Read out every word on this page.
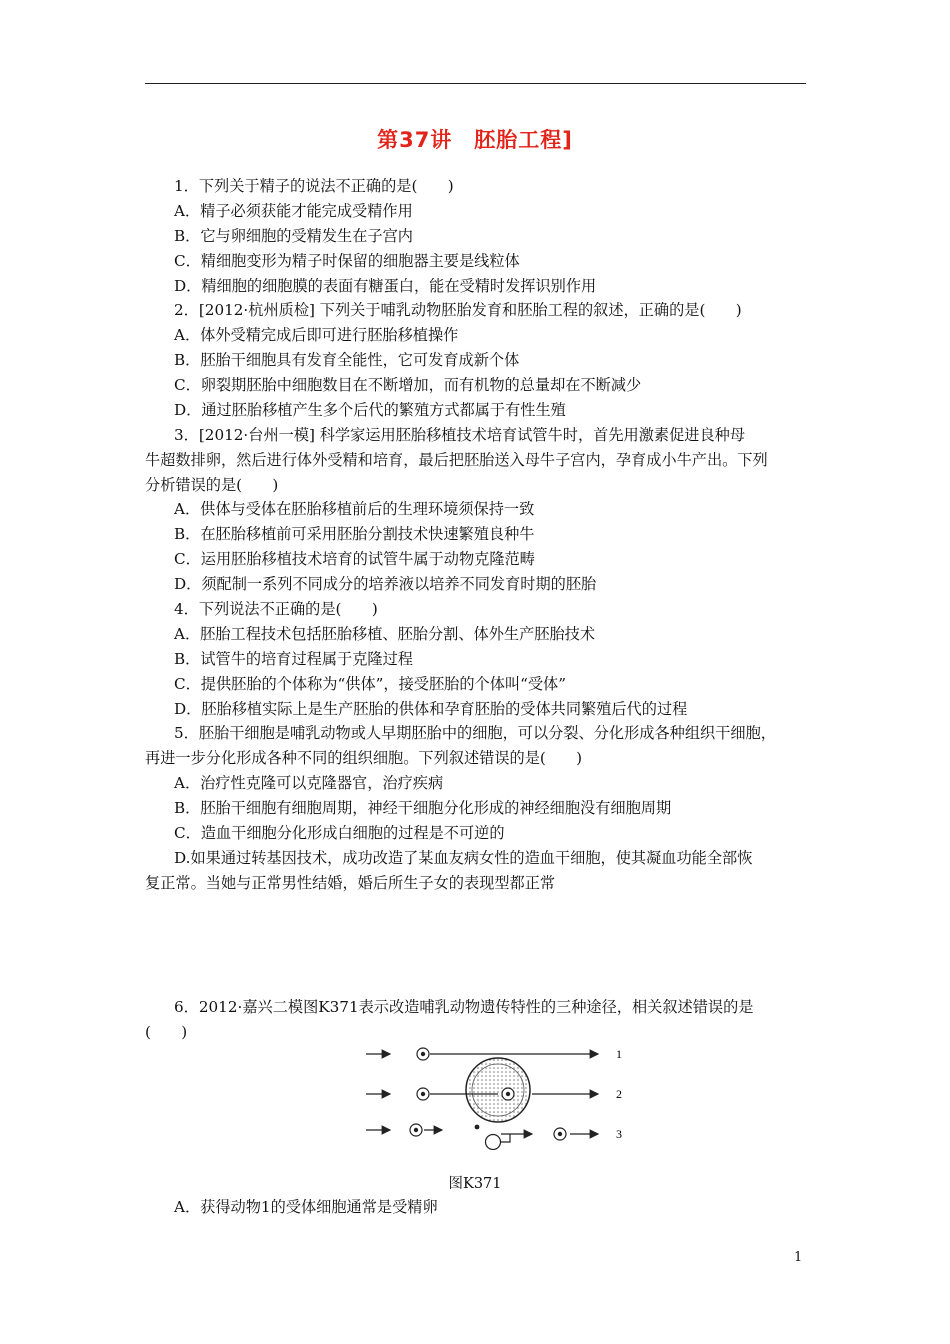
第37讲　胚胎工程]
1．下列关于精子的说法不正确的是(　　)
A．精子必须获能才能完成受精作用
B．它与卵细胞的受精发生在子宫内
C．精细胞变形为精子时保留的细胞器主要是线粒体
D．精细胞的细胞膜的表面有糖蛋白，能在受精时发挥识别作用
2．[2012·杭州质检] 下列关于哺乳动物胚胎发育和胚胎工程的叙述，正确的是(　　)
A．体外受精完成后即可进行胚胎移植操作
B．胚胎干细胞具有发育全能性，它可发育成新个体
C．卵裂期胚胎中细胞数目在不断增加，而有机物的总量却在不断减少
D．通过胚胎移植产生多个后代的繁殖方式都属于有性生殖
3．[2012·台州一模] 科学家运用胚胎移植技术培育试管牛时，首先用激素促进良种母
牛超数排卵，然后进行体外受精和培育，最后把胚胎送入母牛子宫内，孕育成小牛产出。下列
分析错误的是(　　)
A．供体与受体在胚胎移植前后的生理环境须保持一致
B．在胚胎移植前可采用胚胎分割技术快速繁殖良种牛
C．运用胚胎移植技术培育的试管牛属于动物克隆范畴
D．须配制一系列不同成分的培养液以培养不同发育时期的胚胎
4．下列说法不正确的是(　　)
A．胚胎工程技术包括胚胎移植、胚胎分割、体外生产胚胎技术
B．试管牛的培育过程属于克隆过程
C．提供胚胎的个体称为“供体”，接受胚胎的个体叫“受体”
D．胚胎移植实际上是生产胚胎的供体和孕育胚胎的受体共同繁殖后代的过程
5．胚胎干细胞是哺乳动物或人早期胚胎中的细胞，可以分裂、分化形成各种组织干细胞，
再进一步分化形成各种不同的组织细胞。下列叙述错误的是(　　)
A．治疗性克隆可以克隆器官，治疗疾病
B．胚胎干细胞有细胞周期，神经干细胞分化形成的神经细胞没有细胞周期
C．造血干细胞分化形成白细胞的过程是不可逆的
D.如果通过转基因技术，成功改造了某血友病女性的造血干细胞，使其凝血功能全部恢
复正常。当她与正常男性结婚，婚后所生子女的表现型都正常
6．2012·嘉兴二模图K371表示改造哺乳动物遗传特性的三种途径，相关叙述错误的是
(　　)
1
2
3
图K371
A．获得动物1的受体细胞通常是受精卵
1
